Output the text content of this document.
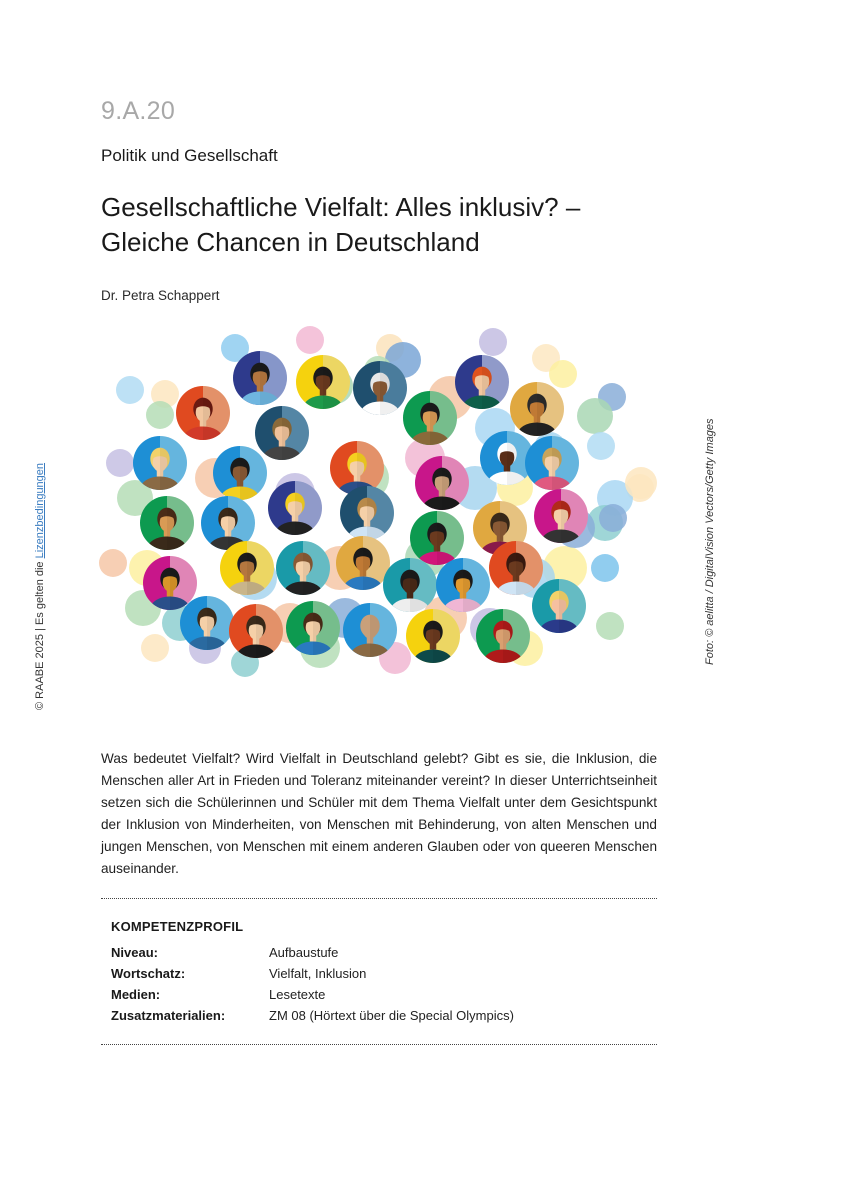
9.A.20
Politik und Gesellschaft
Gesellschaftliche Vielfalt: Alles inklusiv? –
Gleiche Chancen in Deutschland
Dr. Petra Schappert
© RAABE 2025 | Es gelten die Lizenzbedingungen	Foto: © aelitta / DigitalVision Vectors/Getty Images

Was bedeutet Vielfalt? Wird Vielfalt in Deutschland gelebt? Gibt es sie, die Inklusion, die Menschen aller Art in Frieden und Toleranz miteinander vereint? In dieser Unterrichtseinheit setzen sich die Schülerinnen und Schüler mit dem Thema Vielfalt unter dem Gesichtspunkt der Inklusion von Minderheiten, von Menschen mit Behinderung, von alten Menschen und jungen Menschen, von Menschen mit einem anderen Glauben oder von queeren Menschen auseinander.

KOMPETENZPROFIL
Niveau:	Aufbaustufe
Wortschatz:	Vielfalt, Inklusion
Medien:	Lesetexte
Zusatzmaterialien:	ZM 08 (Hörtext über die Special Olympics)
